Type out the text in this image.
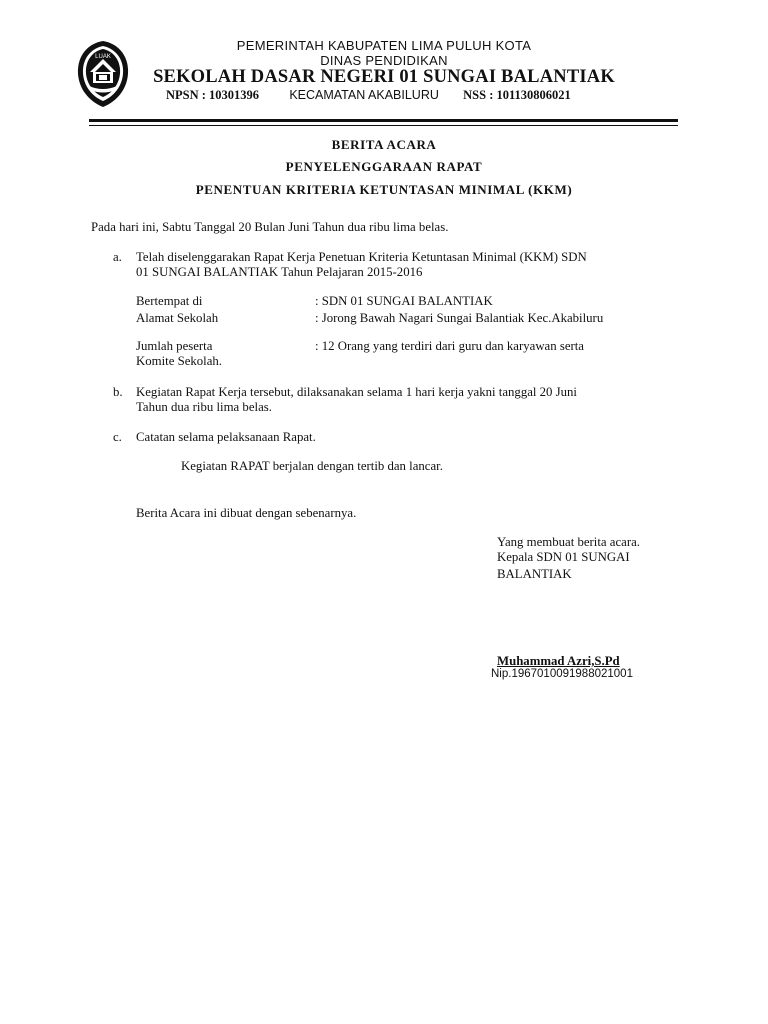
LUAK
PEMERINTAH KABUPATEN LIMA PULUH KOTA
DINAS PENDIDIKAN
SEKOLAH DASAR NEGERI 01 SUNGAI BALANTIAK
NPSN : 10301396 KECAMATAN AKABILURU NSS : 101130806021
BERITA ACARA
PENYELENGGARAAN RAPAT
PENENTUAN KRITERIA KETUNTASAN MINIMAL (KKM)
Pada hari ini, Sabtu Tanggal 20 Bulan Juni Tahun dua ribu lima belas.
a. Telah diselenggarakan Rapat Kerja Penetuan Kriteria Ketuntasan Minimal (KKM) SDN
01 SUNGAI BALANTIAK Tahun Pelajaran 2015-2016
Bertempat di	: SDN 01 SUNGAI BALANTIAK
Alamat Sekolah	: Jorong Bawah Nagari Sungai Balantiak Kec.Akabiluru
Jumlah peserta	: 12 Orang yang terdiri dari guru dan karyawan serta
Komite Sekolah.
b. Kegiatan Rapat Kerja tersebut, dilaksanakan selama 1 hari kerja yakni tanggal 20 Juni
Tahun dua ribu lima belas.
c. Catatan selama pelaksanaan Rapat.
Kegiatan RAPAT berjalan dengan tertib dan lancar.
Berita Acara ini dibuat dengan sebenarnya.
Yang membuat berita acara.
Kepala SDN 01 SUNGAI
BALANTIAK
Muhammad Azri,S.Pd
Nip.196701009198802100​1
